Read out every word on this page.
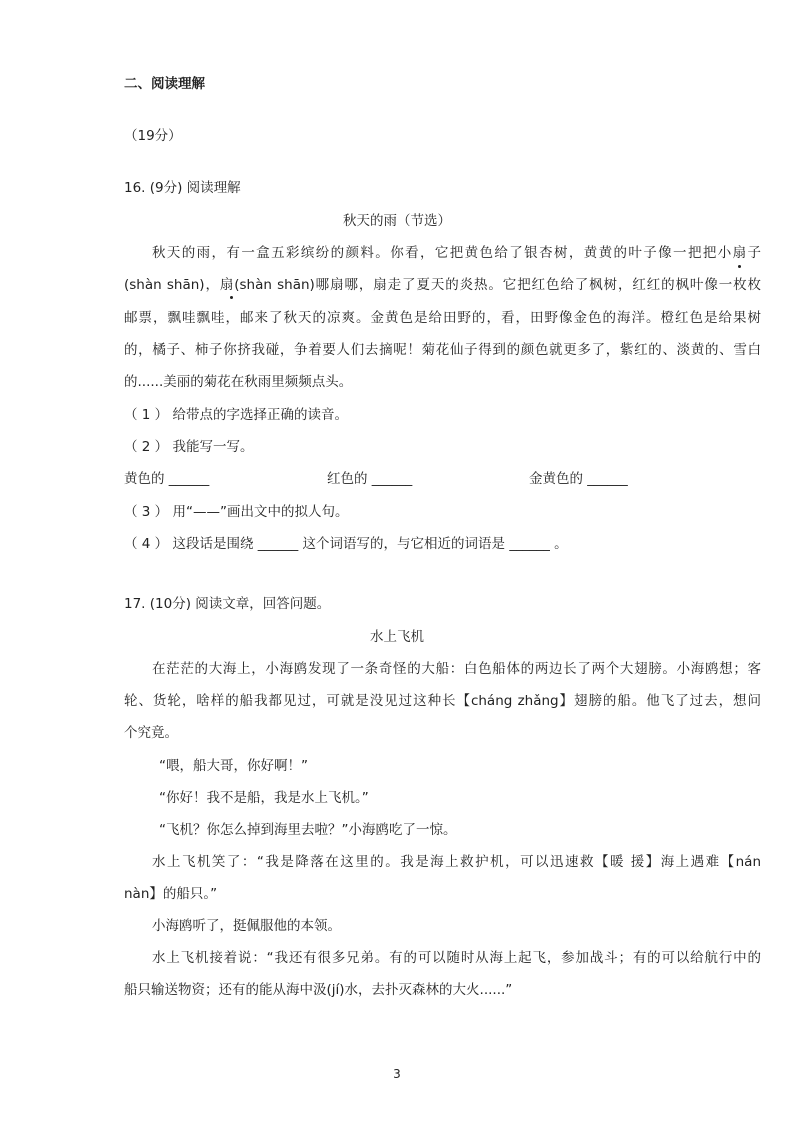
二、阅读理解
（19分）
16. (9分) 阅读理解
秋天的雨（节选）
秋天的雨，有一盒五彩缤纷的颜料。你看，它把黄色给了银杏树，黄黄的叶子像一把把小扇子
(shàn shān)，扇(shàn shān)哪扇哪，扇走了夏天的炎热。它把红色给了枫树，红红的枫叶像一枚枚
邮票，飘哇飘哇，邮来了秋天的凉爽。金黄色是给田野的，看，田野像金色的海洋。橙红色是给果树
的，橘子、柿子你挤我碰，争着要人们去摘呢！菊花仙子得到的颜色就更多了，紫红的、淡黄的、雪白
的......美丽的菊花在秋雨里频频点头。
（ 1 ） 给带点的字选择正确的读音。
（ 2 ） 我能写一写。
黄色的 ______	红色的 ______	金黄色的 ______
（ 3 ） 用“——”画出文中的拟人句。
（ 4 ） 这段话是围绕 ______ 这个词语写的，与它相近的词语是 ______ 。
17. (10分) 阅读文章，回答问题。
水上飞机
在茫茫的大海上，小海鸥发现了一条奇怪的大船：白色船体的两边长了两个大翅膀。小海鸥想；客
轮、货轮，啥样的船我都见过，可就是没见过这种长【cháng zhǎng】翅膀的船。他飞了过去，想问
个究竟。
“喂，船大哥，你好啊！”
“你好！我不是船，我是水上飞机。”
“飞机？你怎么掉到海里去啦？”小海鸥吃了一惊。
水上飞机笑了：“我是降落在这里的。我是海上救护机，可以迅速救【暖 援】海上遇难【nán
nàn】的船只。”
小海鸥听了，挺佩服他的本领。
水上飞机接着说：“我还有很多兄弟。有的可以随时从海上起飞，参加战斗；有的可以给航行中的
船只输送物资；还有的能从海中汲(jí)水，去扑灭森林的大火......”
3
